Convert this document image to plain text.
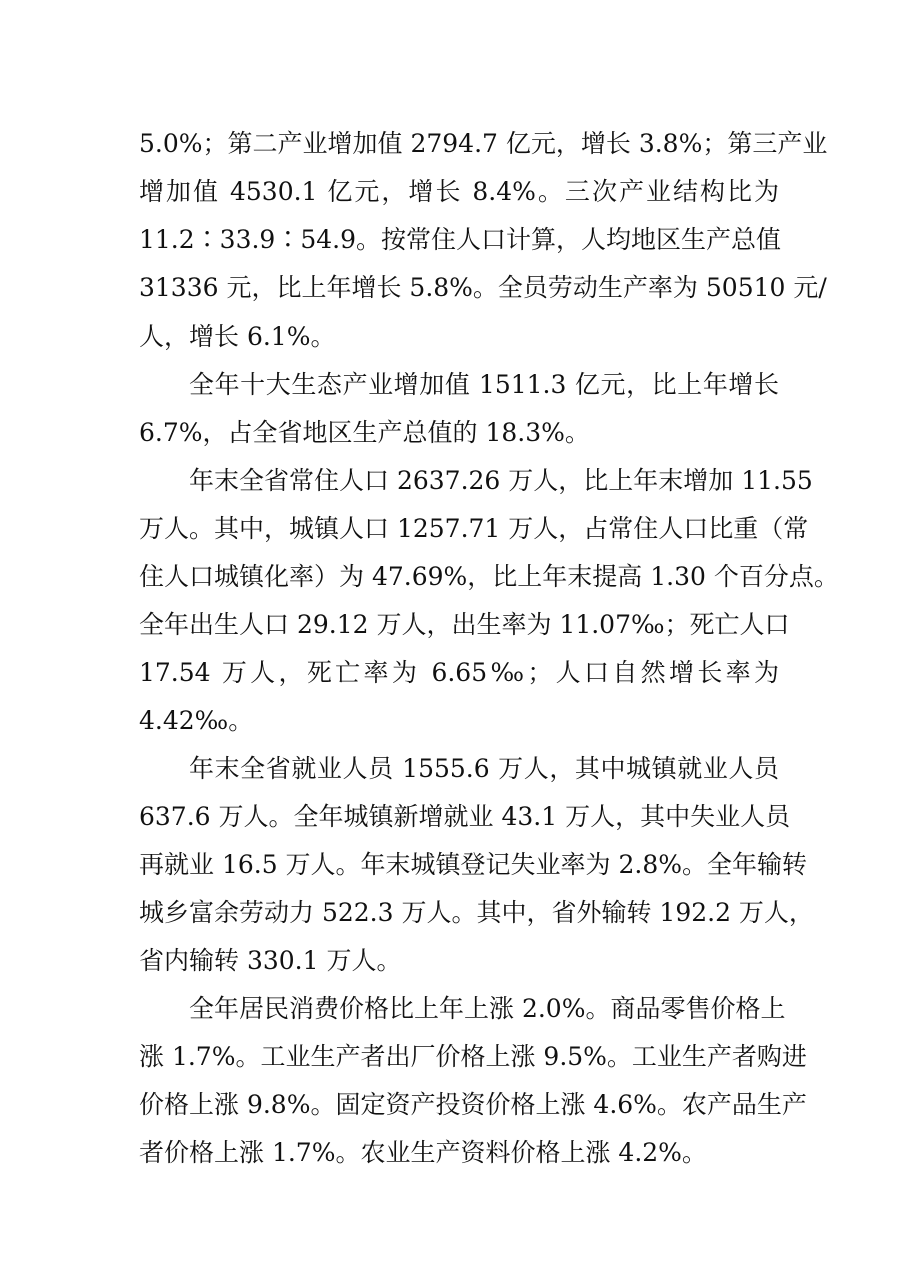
5.0%；第二产业增加值 2794.7 亿元，增长 3.8%；第三产业
增加值 4530.1 亿元，增长 8.4%。三次产业结构比为
11.2∶33.9∶54.9。按常住人口计算，人均地区生产总值
31336 元，比上年增长 5.8%。全员劳动生产率为 50510 元/
人，增长 6.1%。
全年十大生态产业增加值 1511.3 亿元，比上年增长
6.7%，占全省地区生产总值的 18.3%。
年末全省常住人口 2637.26 万人，比上年末增加 11.55
万人。其中，城镇人口 1257.71 万人，占常住人口比重（常
住人口城镇化率）为 47.69%，比上年末提高 1.30 个百分点。
全年出生人口 29.12 万人，出生率为 11.07‰；死亡人口
17.54 万人，死亡率为 6.65‰；人口自然增长率为
4.42‰。
年末全省就业人员 1555.6 万人，其中城镇就业人员
637.6 万人。全年城镇新增就业 43.1 万人，其中失业人员
再就业 16.5 万人。年末城镇登记失业率为 2.8%。全年输转
城乡富余劳动力 522.3 万人。其中，省外输转 192.2 万人，
省内输转 330.1 万人。
全年居民消费价格比上年上涨 2.0%。商品零售价格上
涨 1.7%。工业生产者出厂价格上涨 9.5%。工业生产者购进
价格上涨 9.8%。固定资产投资价格上涨 4.6%。农产品生产
者价格上涨 1.7%。农业生产资料价格上涨 4.2%。
